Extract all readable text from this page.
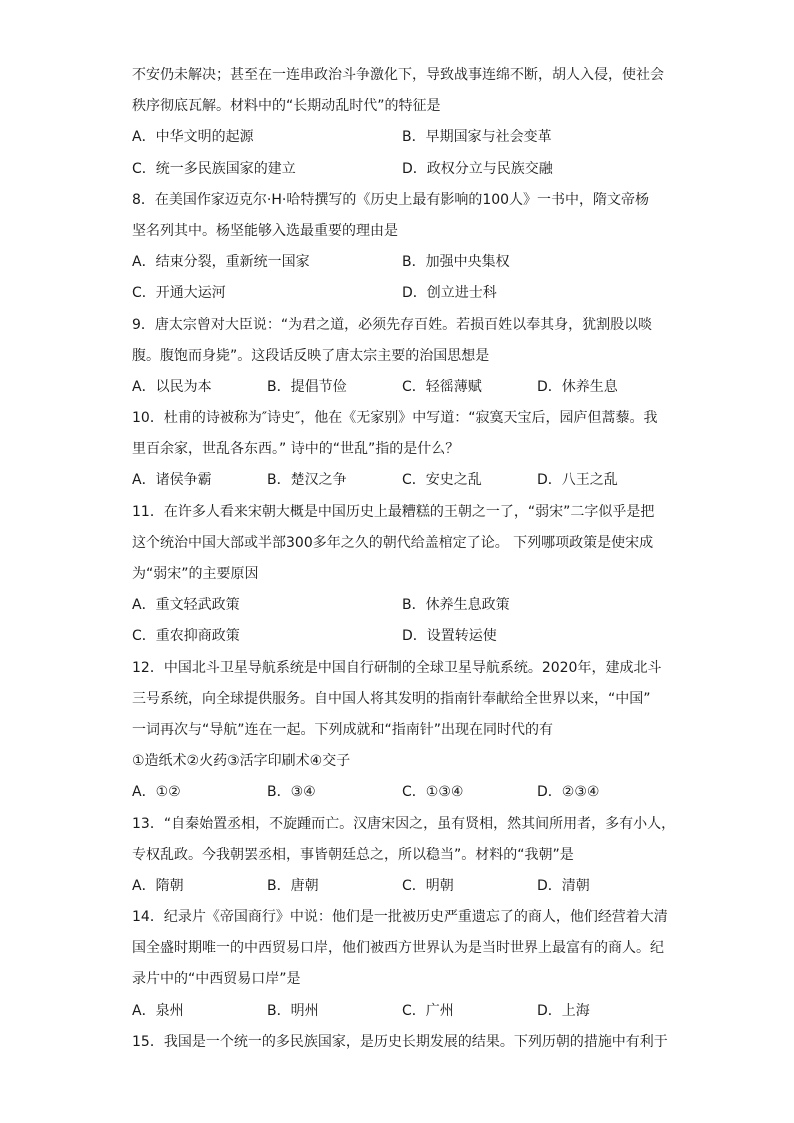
不安仍未解决；甚至在一连串政治斗争激化下，导致战事连绵不断，胡人入侵，使社会
秩序彻底瓦解。材料中的“长期动乱时代”的特征是
A．中华文明的起源	B．早期国家与社会变革
C．统一多民族国家的建立	D．政权分立与民族交融
8．在美国作家迈克尔·H·哈特撰写的《历史上最有影响的100人》一书中，隋文帝杨
坚名列其中。杨坚能够入选最重要的理由是
A．结束分裂，重新统一国家	B．加强中央集权
C．开通大运河	D．创立进士科
9．唐太宗曾对大臣说：“为君之道，必须先存百姓。若损百姓以奉其身，犹割股以啖
腹。腹饱而身毙”。这段话反映了唐太宗主要的治国思想是
A．以民为本	B．提倡节俭	C．轻徭薄赋	D．休养生息
10．杜甫的诗被称为″诗史″，他在《无家别》中写道：“寂寞天宝后，园庐但蒿藜。我
里百余家，世乱各东西。” 诗中的“世乱”指的是什么？
A．诸侯争霸	B．楚汉之争	C．安史之乱	D．八王之乱
11．在许多人看来宋朝大概是中国历史上最糟糕的王朝之一了，“弱宋”二字似乎是把
这个统治中国大部或半部300多年之久的朝代给盖棺定了论。 下列哪项政策是使宋成
为“弱宋”的主要原因
A．重文轻武政策	B．休养生息政策
C．重农抑商政策	D．设置转运使
12．中国北斗卫星导航系统是中国自行研制的全球卫星导航系统。2020年，建成北斗
三号系统，向全球提供服务。自中国人将其发明的指南针奉献给全世界以来，“中国”
一词再次与“导航”连在一起。下列成就和“指南针”出现在同时代的有
①造纸术②火药③活字印刷术④交子
A．①②	B．③④	C．①③④	D．②③④
13．“自秦始置丞相，不旋踵而亡。汉唐宋因之，虽有贤相，然其间所用者，多有小人，
专权乱政。今我朝罢丞相，事皆朝廷总之，所以稳当”。材料的“我朝”是
A．隋朝	B．唐朝	C．明朝	D．清朝
14．纪录片《帝国商行》中说：他们是一批被历史严重遗忘了的商人，他们经营着大清
国全盛时期唯一的中西贸易口岸，他们被西方世界认为是当时世界上最富有的商人。纪
录片中的“中西贸易口岸”是
A．泉州	B．明州	C．广州	D．上海
15．我国是一个统一的多民族国家，是历史长期发展的结果。下列历朝的措施中有利于
